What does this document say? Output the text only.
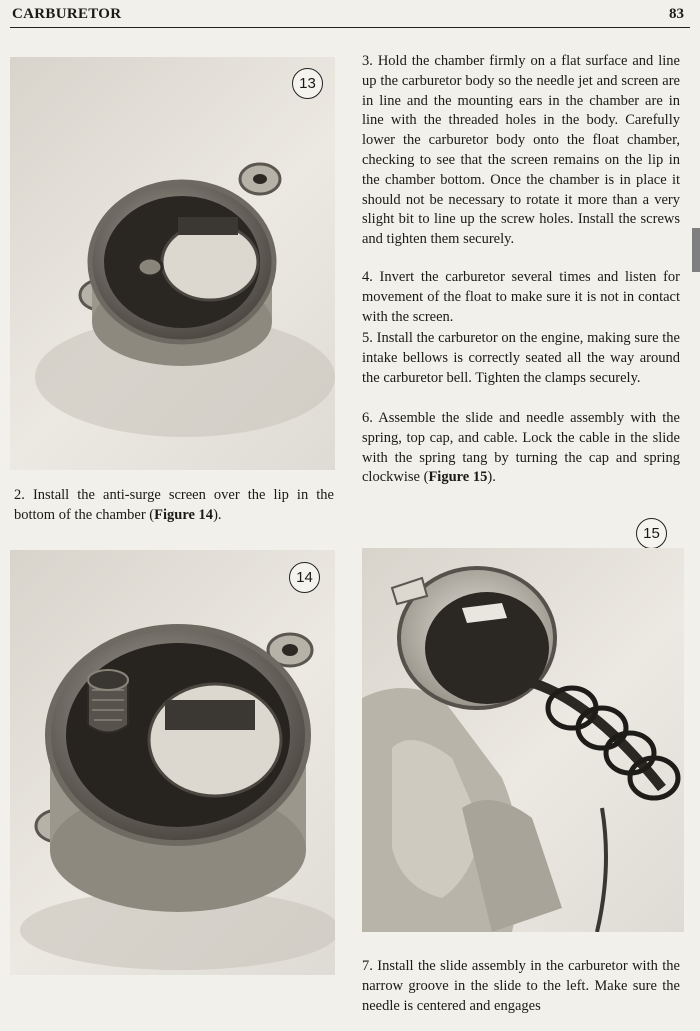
CARBURETOR	83
13

2. Install the anti-surge screen over the lip in the bottom of the chamber (Figure 14).

14

3. Hold the chamber firmly on a flat surface and line up the carburetor body so the needle jet and screen are in line and the mounting ears in the chamber are in line with the threaded holes in the body. Carefully lower the carburetor body onto the float chamber, checking to see that the screen remains on the lip in the chamber bottom. Once the chamber is in place it should not be necessary to rotate it more than a very slight bit to line up the screw holes. Install the screws and tighten them securely.

4. Invert the carburetor several times and listen for movement of the float to make sure it is not in contact with the screen.

5. Install the carburetor on the engine, making sure the intake bellows is correctly seated all the way around the carburetor bell. Tighten the clamps securely.

6. Assemble the slide and needle assembly with the spring, top cap, and cable. Lock the cable in the slide with the spring tang by turning the cap and spring clockwise (Figure 15).

15

7. Install the slide assembly in the carburetor with the narrow groove in the slide to the left. Make sure the needle is centered and engages
